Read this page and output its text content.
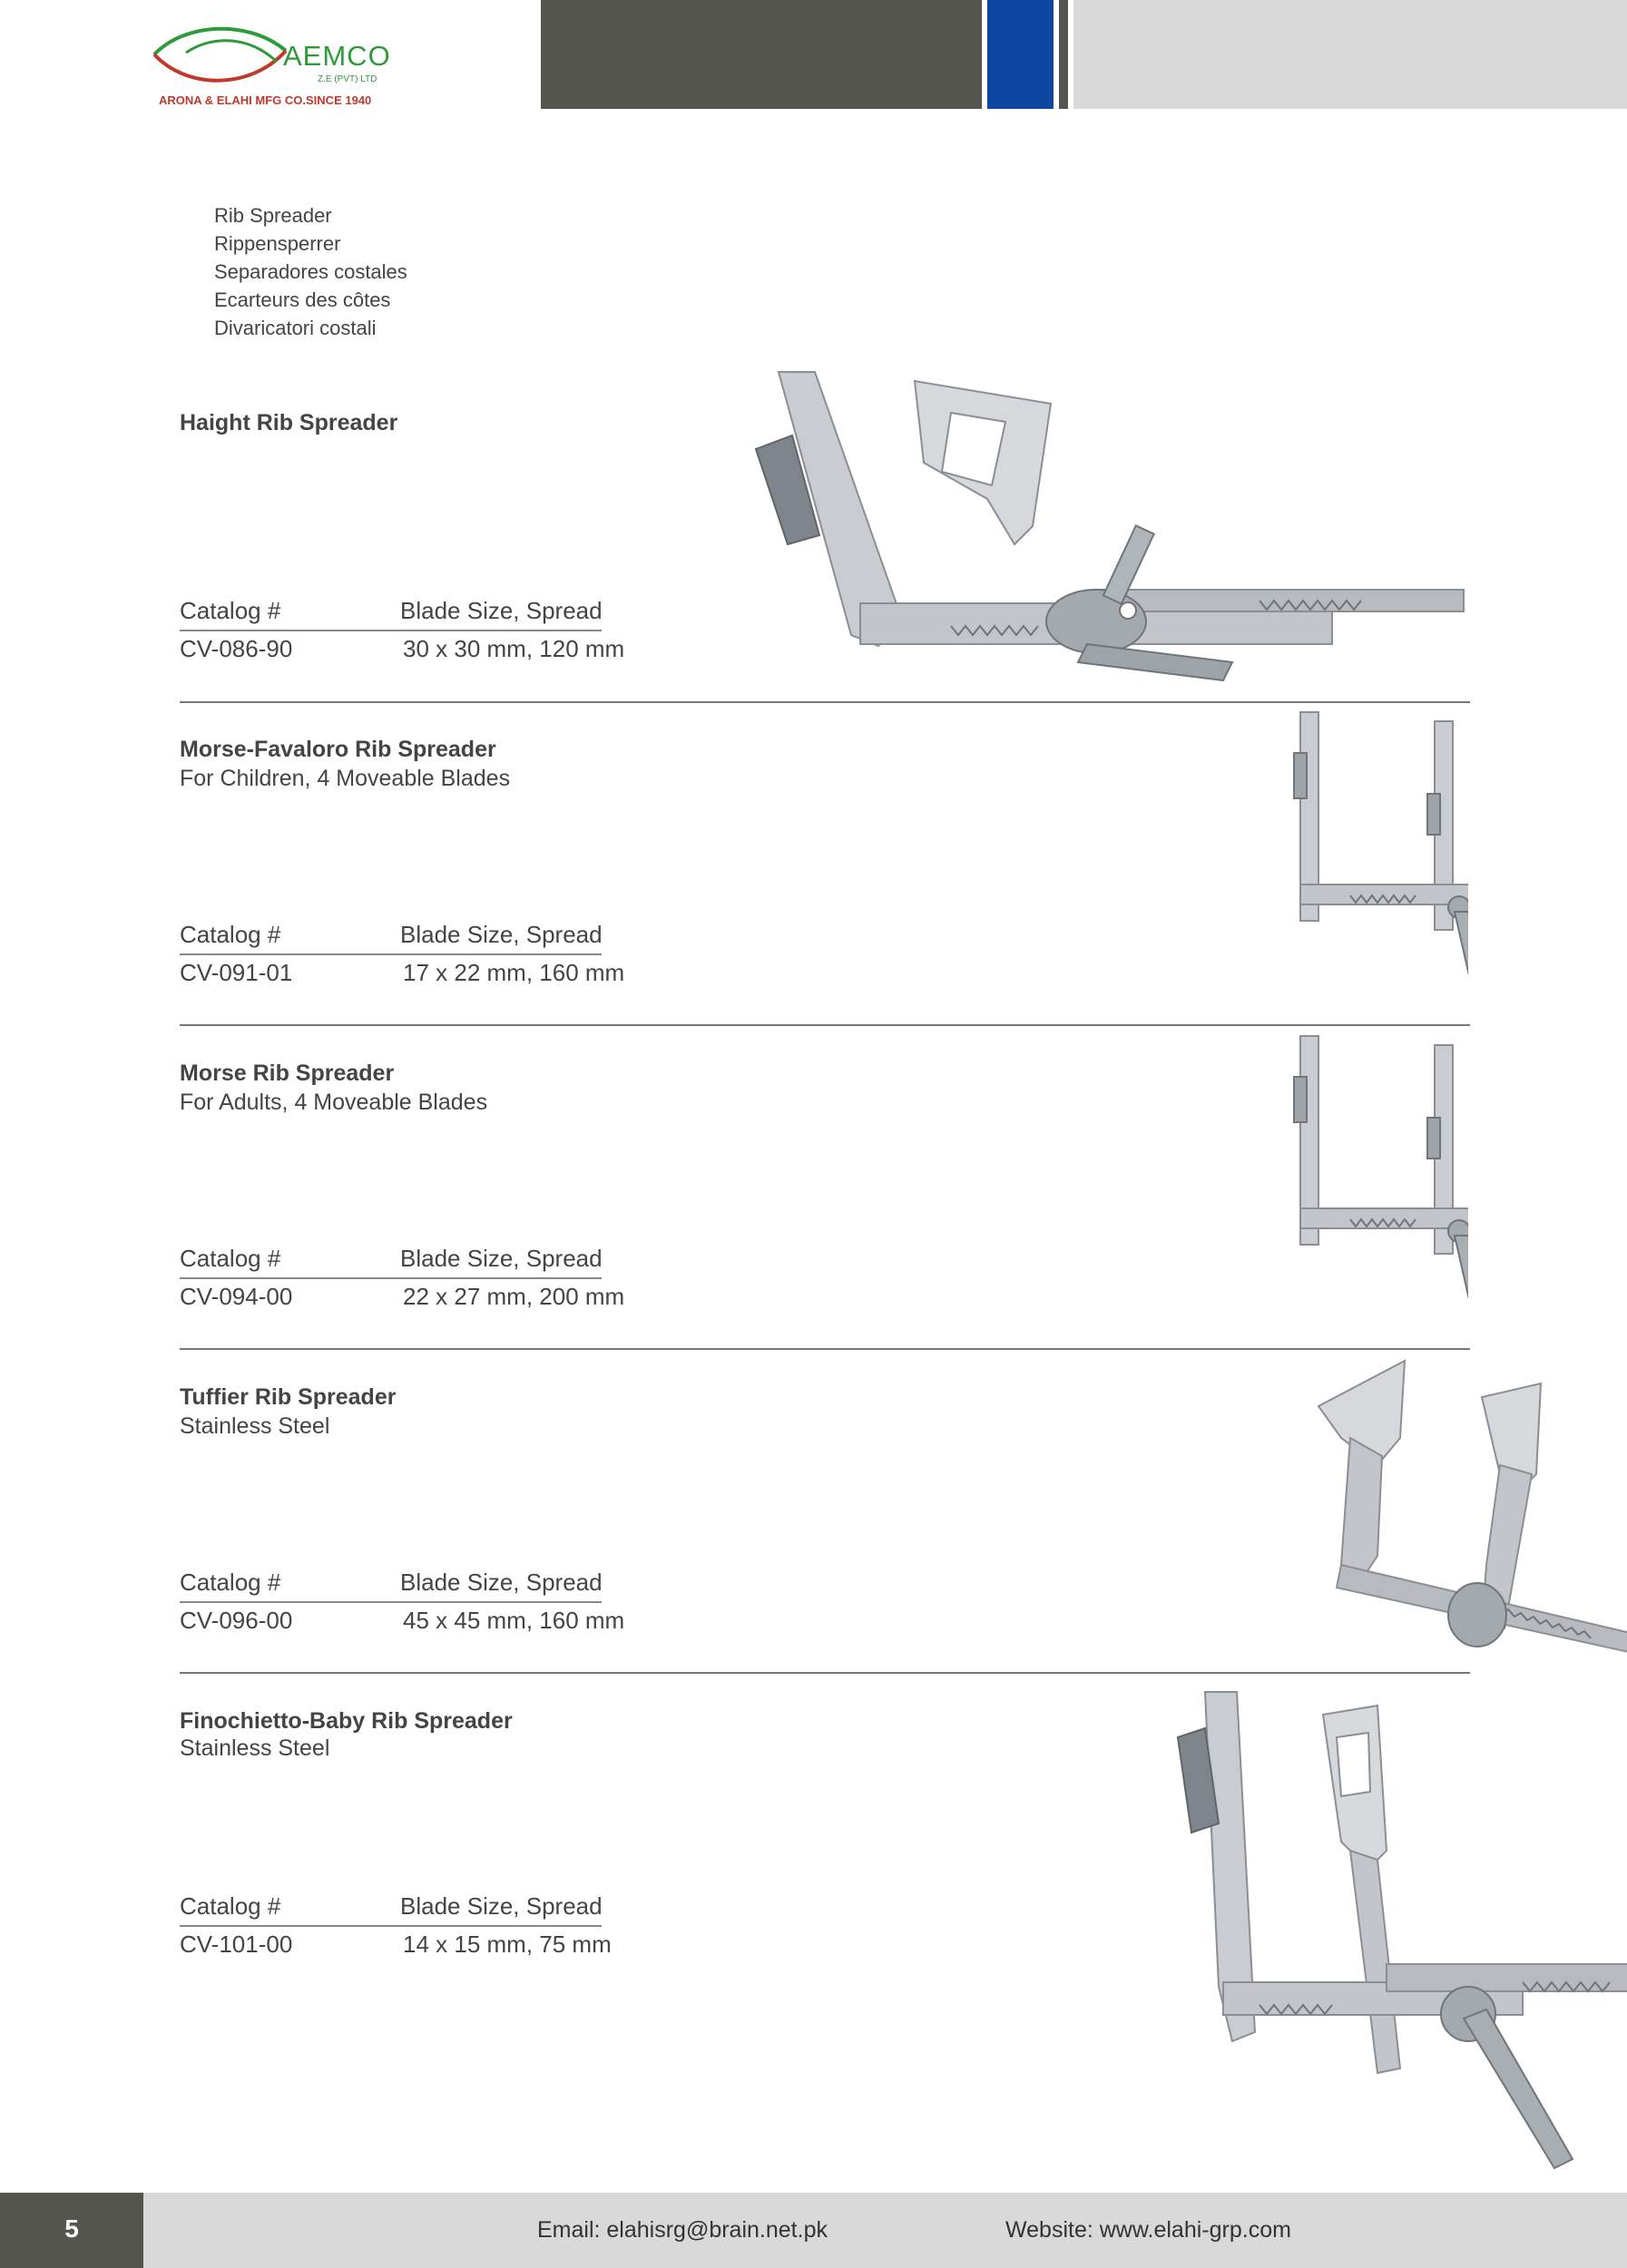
AEMCO
Z.E (PVT) LTD
ARONA & ELAHI MFG CO.SINCE 1940
Rib Spreader
Rippensperrer
Separadores costales
Ecarteurs des côtes
Divaricatori costali
Haight Rib Spreader
Catalog #	Blade Size, Spread
CV-086-90	30 x 30 mm, 120 mm
Morse-Favaloro Rib Spreader
For Children, 4 Moveable Blades
Catalog #	Blade Size, Spread
CV-091-01	17 x 22 mm, 160 mm
Morse Rib Spreader
For Adults, 4 Moveable Blades
Catalog #	Blade Size, Spread
CV-094-00	22 x 27 mm, 200 mm
Tuffier Rib Spreader
Stainless Steel
Catalog #	Blade Size, Spread
CV-096-00	45 x 45 mm, 160 mm
Finochietto-Baby Rib Spreader
Stainless Steel
Catalog #	Blade Size, Spread
CV-101-00	14 x 15 mm, 75 mm
5	Email: elahisrg@brain.net.pk	Website: www.elahi-grp.com
